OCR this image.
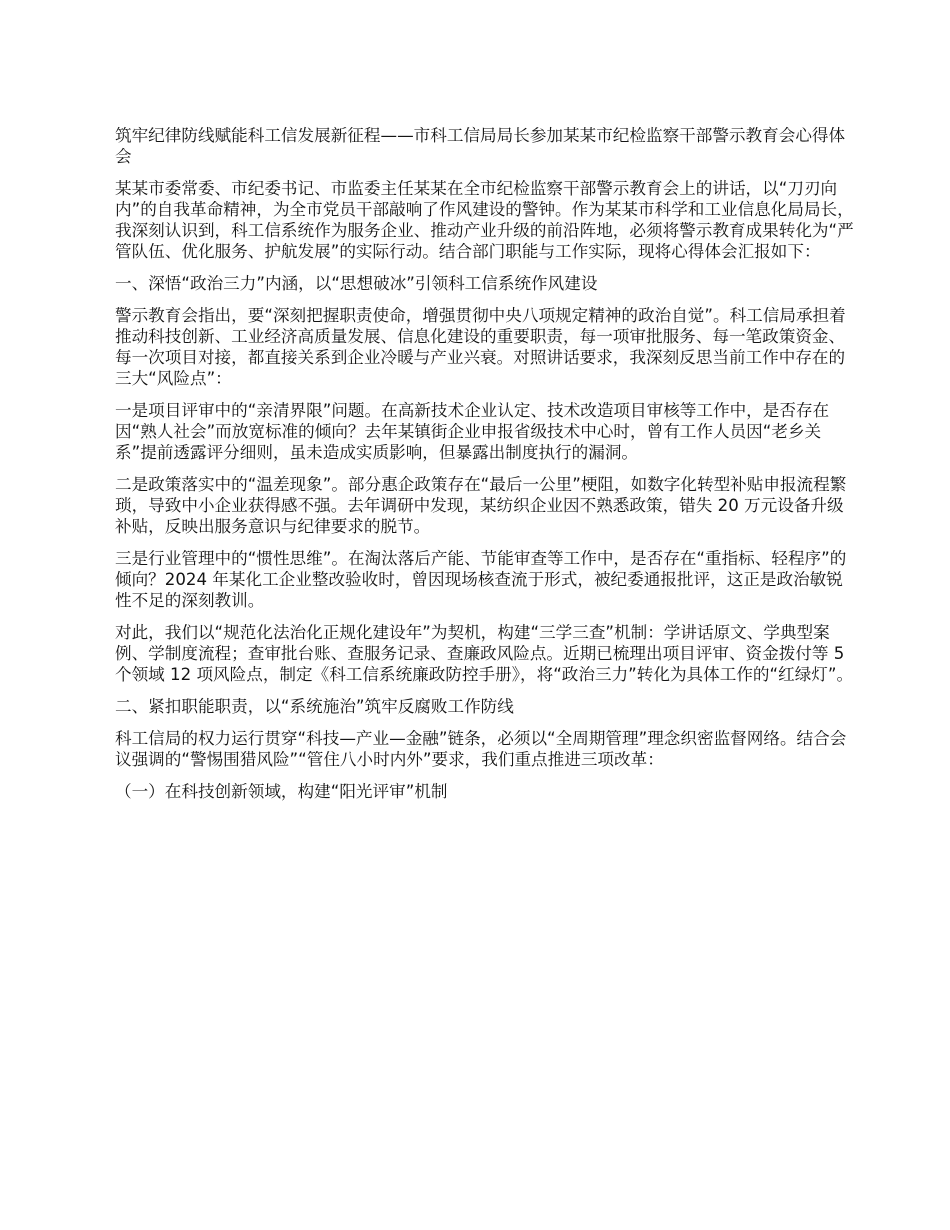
筑牢纪律防线赋能科工信发展新征程——市科工信局局长参加某某市纪检监察干部警示教育会心得体会

某某市委常委、市纪委书记、市监委主任某某在全市纪检监察干部警示教育会上的讲话，以“刀刃向内”的自我革命精神，为全市党员干部敲响了作风建设的警钟。作为某某市科学和工业信息化局局长，我深刻认识到，科工信系统作为服务企业、推动产业升级的前沿阵地，必须将警示教育成果转化为“严管队伍、优化服务、护航发展”的实际行动。结合部门职能与工作实际，现将心得体会汇报如下：

一、深悟“政治三力”内涵，以“思想破冰”引领科工信系统作风建设

警示教育会指出，要“深刻把握职责使命，增强贯彻中央八项规定精神的政治自觉”。科工信局承担着推动科技创新、工业经济高质量发展、信息化建设的重要职责，每一项审批服务、每一笔政策资金、每一次项目对接，都直接关系到企业冷暖与产业兴衰。对照讲话要求，我深刻反思当前工作中存在的三大“风险点”：

一是项目评审中的“亲清界限”问题。在高新技术企业认定、技术改造项目审核等工作中，是否存在因“熟人社会”而放宽标准的倾向？去年某镇街企业申报省级技术中心时，曾有工作人员因“老乡关系”提前透露评分细则，虽未造成实质影响，但暴露出制度执行的漏洞。

二是政策落实中的“温差现象”。部分惠企政策存在“最后一公里”梗阻，如数字化转型补贴申报流程繁琐，导致中小企业获得感不强。去年调研中发现，某纺织企业因不熟悉政策，错失 20 万元设备升级补贴，反映出服务意识与纪律要求的脱节。

三是行业管理中的“惯性思维”。在淘汰落后产能、节能审查等工作中，是否存在“重指标、轻程序”的倾向？2024 年某化工企业整改验收时，曾因现场核查流于形式，被纪委通报批评，这正是政治敏锐性不足的深刻教训。

对此，我们以“规范化法治化正规化建设年”为契机，构建“三学三查”机制：学讲话原文、学典型案例、学制度流程；查审批台账、查服务记录、查廉政风险点。近期已梳理出项目评审、资金拨付等 5 个领域 12 项风险点，制定《科工信系统廉政防控手册》，将“政治三力”转化为具体工作的“红绿灯”。

二、紧扣职能职责，以“系统施治”筑牢反腐败工作防线

科工信局的权力运行贯穿“科技—产业—金融”链条，必须以“全周期管理”理念织密监督网络。结合会议强调的“警惕围猎风险”“管住八小时内外”要求，我们重点推进三项改革：

（一）在科技创新领域，构建“阳光评审”机制
